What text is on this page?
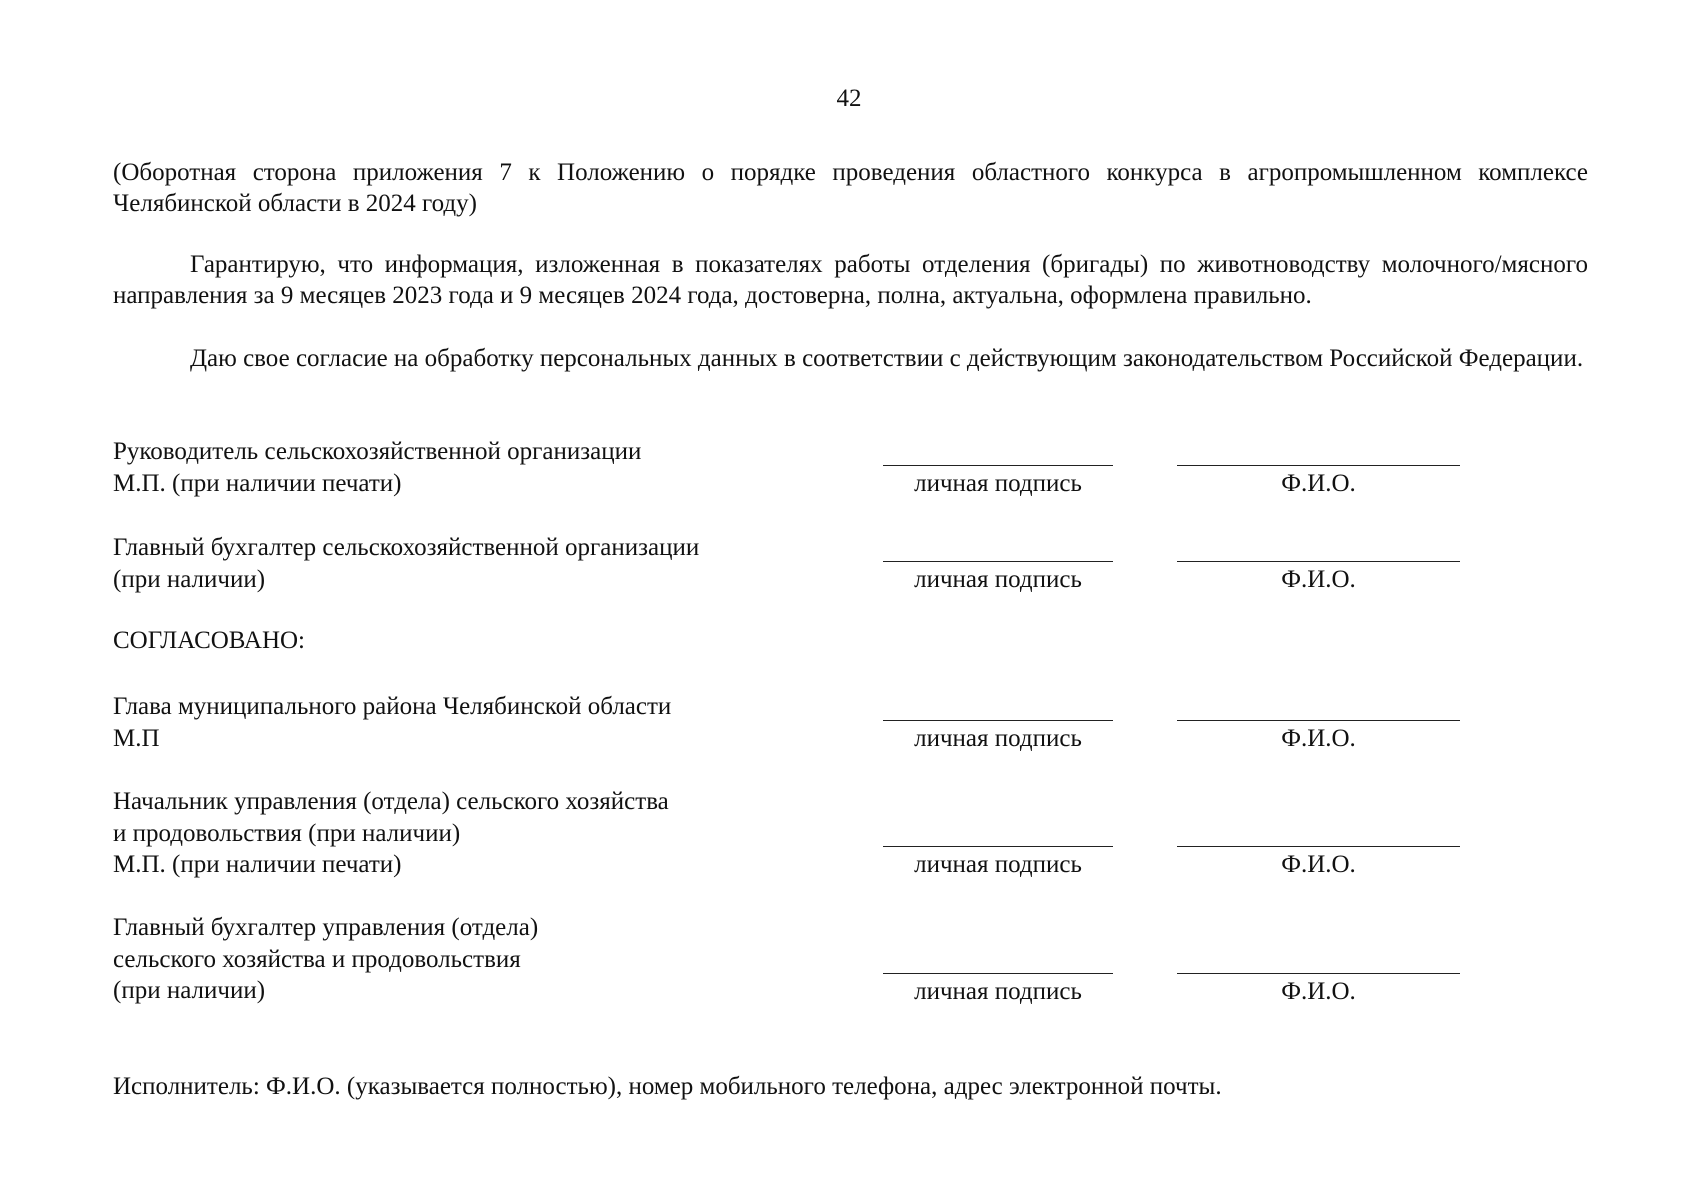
42
(Оборотная сторона приложения 7 к Положению о порядке проведения областного конкурса в агропромышленном комплексе Челябинской области в 2024 году)

Гарантирую, что информация, изложенная в показателях работы отделения (бригады) по животноводству молочного/мясного направления за 9 месяцев 2023 года и 9 месяцев 2024 года, достоверна, полна, актуальна, оформлена правильно.

Даю свое согласие на обработку персональных данных в соответствии с действующим законодательством Российской Федерации.

Руководитель сельскохозяйственной организации
М.П. (при наличии печати)	личная подпись	Ф.И.О.
Главный бухгалтер сельскохозяйственной организации
(при наличии)	личная подпись	Ф.И.О.
СОГЛАСОВАНО:
Глава муниципального района Челябинской области
М.П	личная подпись	Ф.И.О.
Начальник управления (отдела) сельского хозяйства
и продовольствия (при наличии)
М.П. (при наличии печати)	личная подпись	Ф.И.О.
Главный бухгалтер управления (отдела)
сельского хозяйства и продовольствия
(при наличии)	личная подпись	Ф.И.О.
Исполнитель: Ф.И.О. (указывается полностью), номер мобильного телефона, адрес электронной почты.
